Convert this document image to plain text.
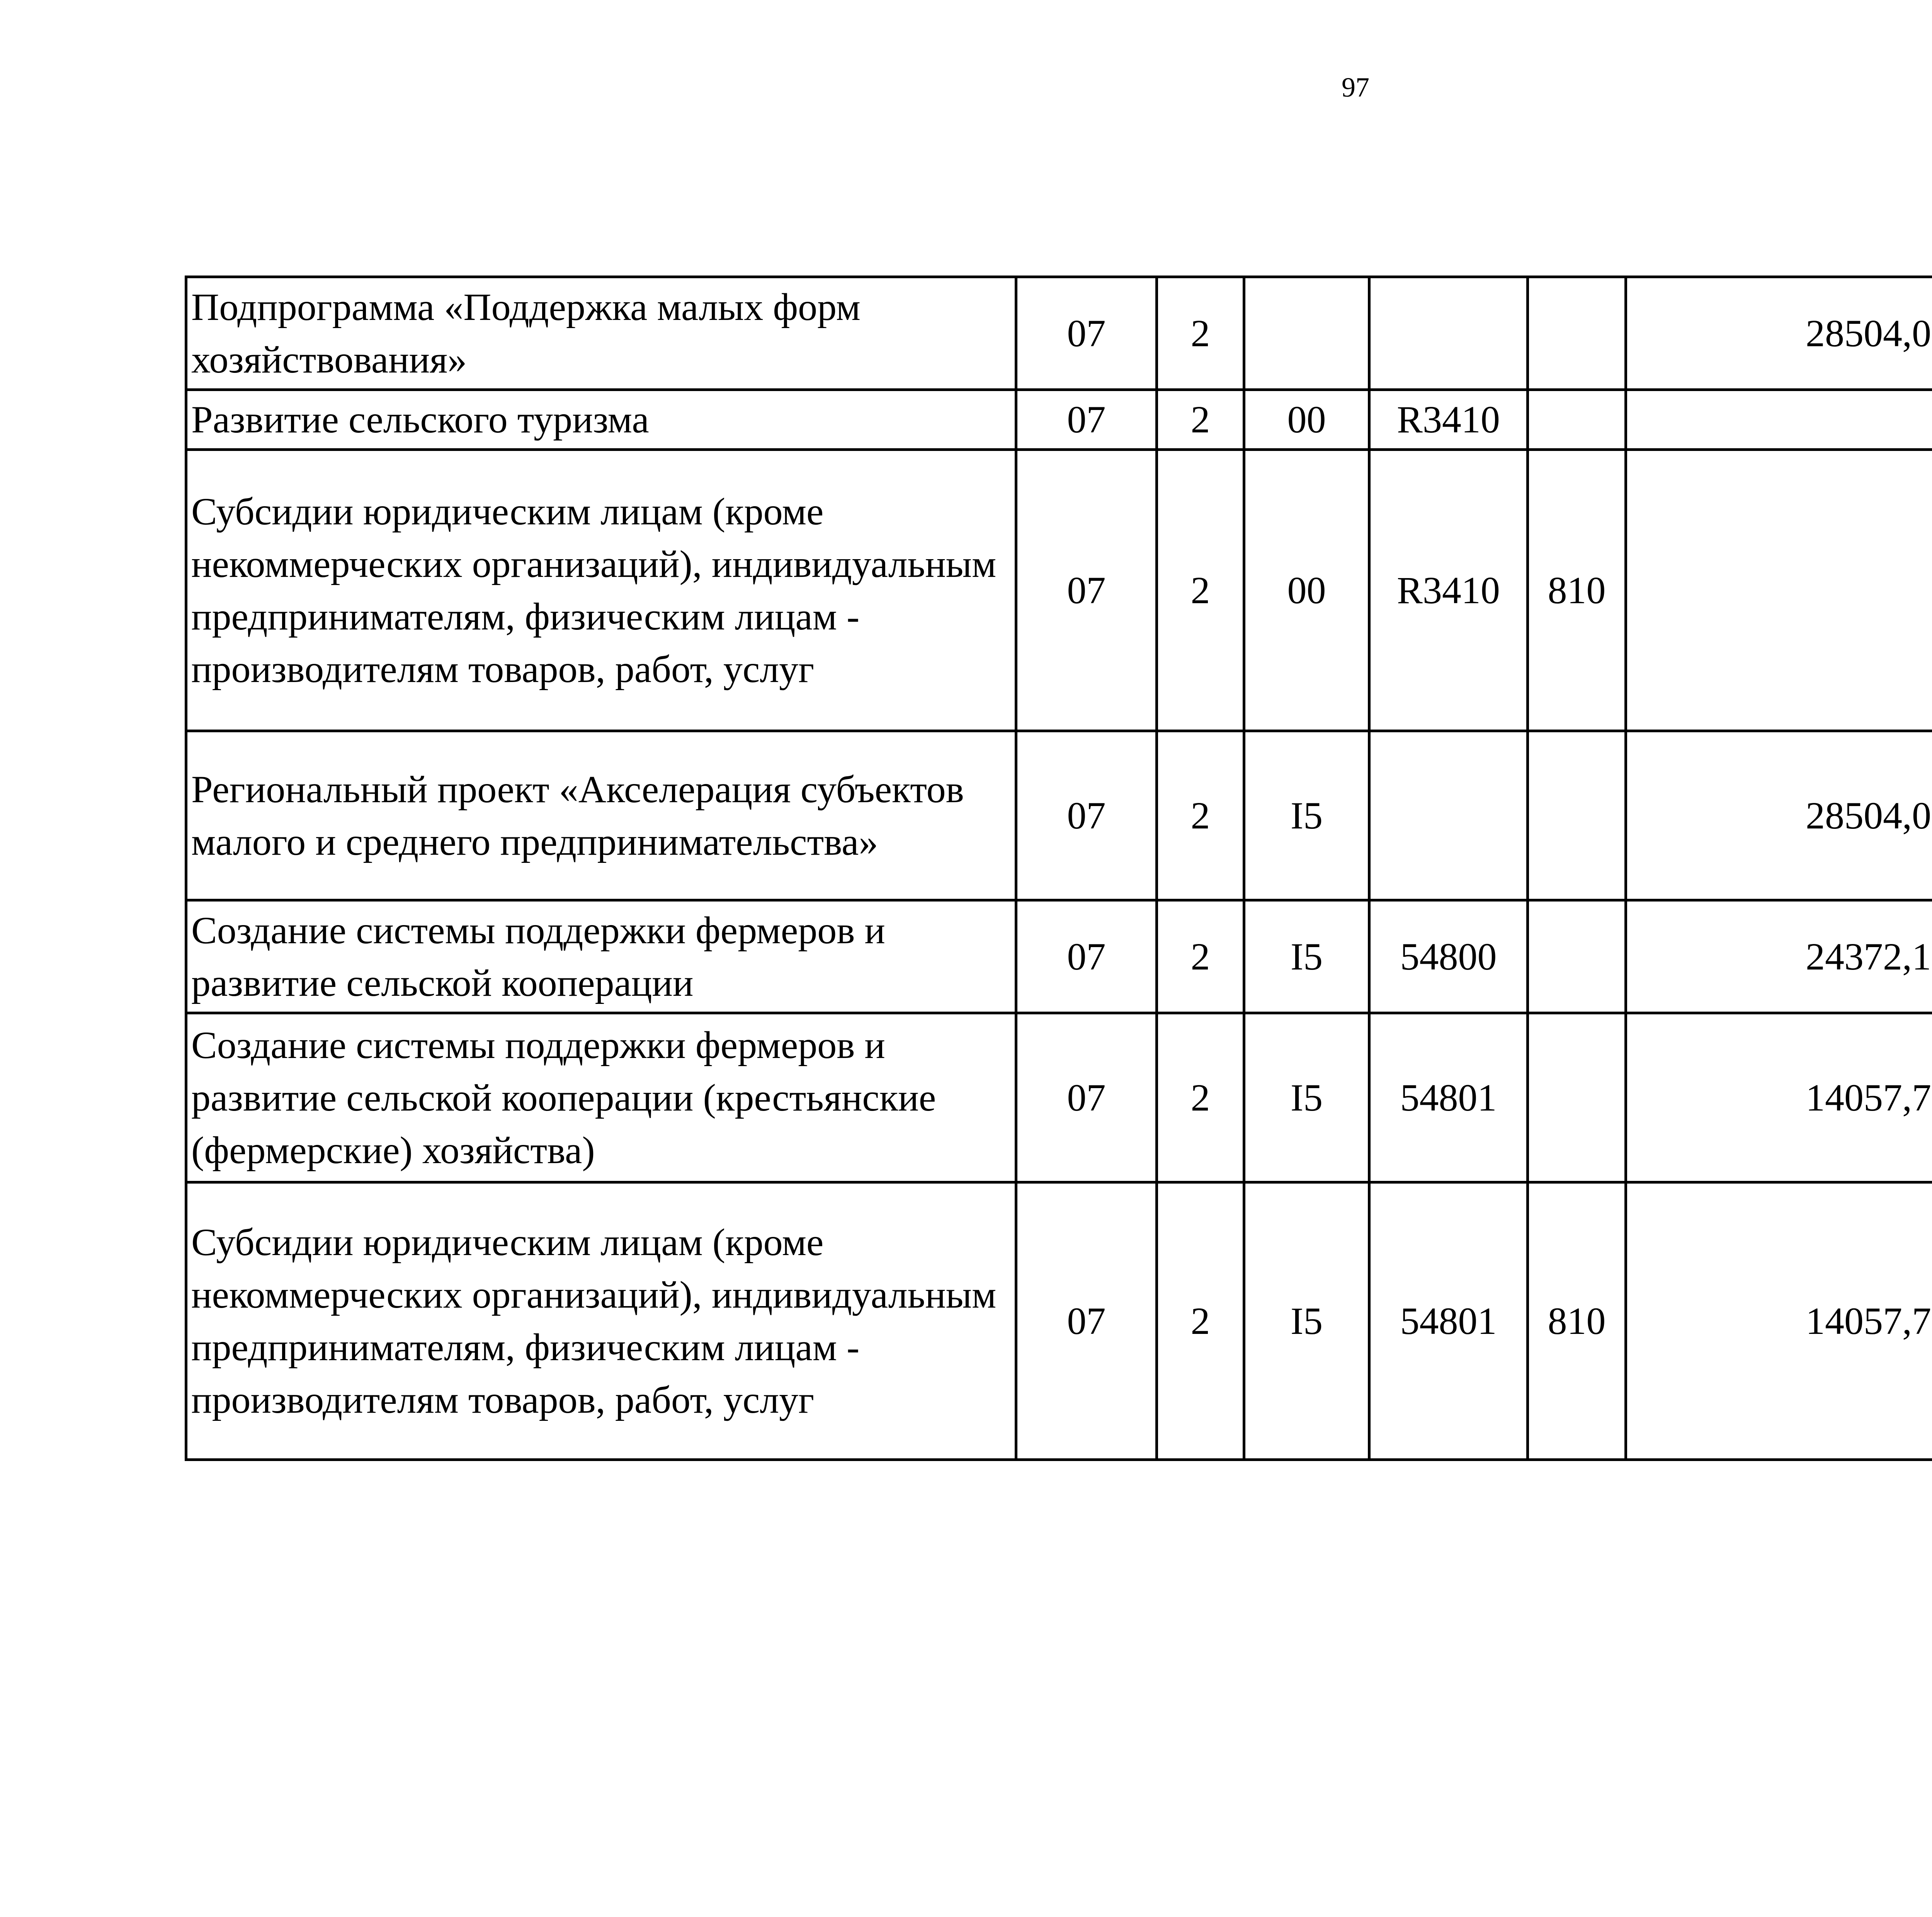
97
Подпрограмма «Поддержка малых форм хозяйствования»	07	2				28504,0		
Развитие сельского туризма	07	2	00	R3410				
Субсидии юридическим лицам (кроме некоммерческих организаций), индивидуальным предпринимателям, физическим лицам - производителям товаров, работ, услуг	07	2	00	R3410	810			
Региональный проект «Акселерация субъектов малого и среднего предпринимательства»	07	2	I5			28504,0		
Создание системы поддержки фермеров и развитие сельской кооперации	07	2	I5	54800		24372,1		
Создание системы поддержки фермеров и развитие сельской кооперации (крестьянские (фермерские) хозяйства)	07	2	I5	54801		14057,7		
Субсидии юридическим лицам (кроме некоммерческих организаций), индивидуальным предпринимателям, физическим лицам - производителям товаров, работ, услуг	07	2	I5	54801	810	14057,7		
